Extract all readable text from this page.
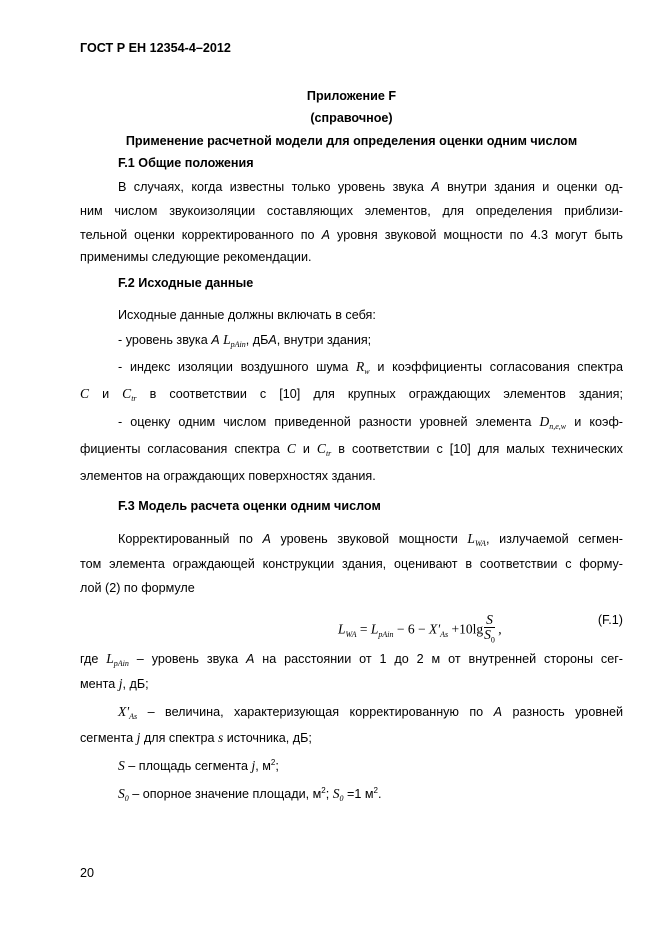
ГОСТ Р ЕН 12354-4–2012
Приложение F
(справочное)
Применение расчетной модели для определения оценки одним числом
F.1 Общие положения
В случаях, когда известны только уровень звука А внутри здания и оценки од-
ним числом звукоизоляции составляющих элементов, для определения приблизи-
тельной оценки корректированного по А уровня звуковой мощности по 4.3 могут быть
применимы следующие рекомендации.
F.2 Исходные данные
Исходные данные должны включать в себя:
- уровень звука А $L_{pAin}$, дБА, внутри здания;
- индекс изоляции воздушного шума $R_w$ и коэффициенты согласования спектра
C и $C_{tr}$ в соответствии с [10] для крупных ограждающих элементов здания;
- оценку одним числом приведенной разности уровней элемента $D_{n,e,w}$ и коэф-
фициенты согласования спектра C и $C_{tr}$ в соответствии с [10] для малых технических
элементов на ограждающих поверхностях здания.
F.3 Модель расчета оценки одним числом
Корректированный по А уровень звуковой мощности $L_{WA}$, излучаемой сегмен-
том элемента ограждающей конструкции здания, оценивают в соответствии с форму-
лой (2) по формуле
где $L_{pAin}$ – уровень звука А на расстоянии от 1 до 2 м от внутренней стороны сег-
мента j, дБ;
$X'_{As}$ – величина, характеризующая корректированную по А разность уровней
сегмента j для спектра s источника, дБ;
S – площадь сегмента j, $м^2$;
$S_0$ – опорное значение площади, $м^2$; $S_0 =1$ $м^2$.
$L_{WA} = L_{pAin} - 6 - X'_{As} +10\lg \frac{S}{S_0}$ ,
(F.1)
20
